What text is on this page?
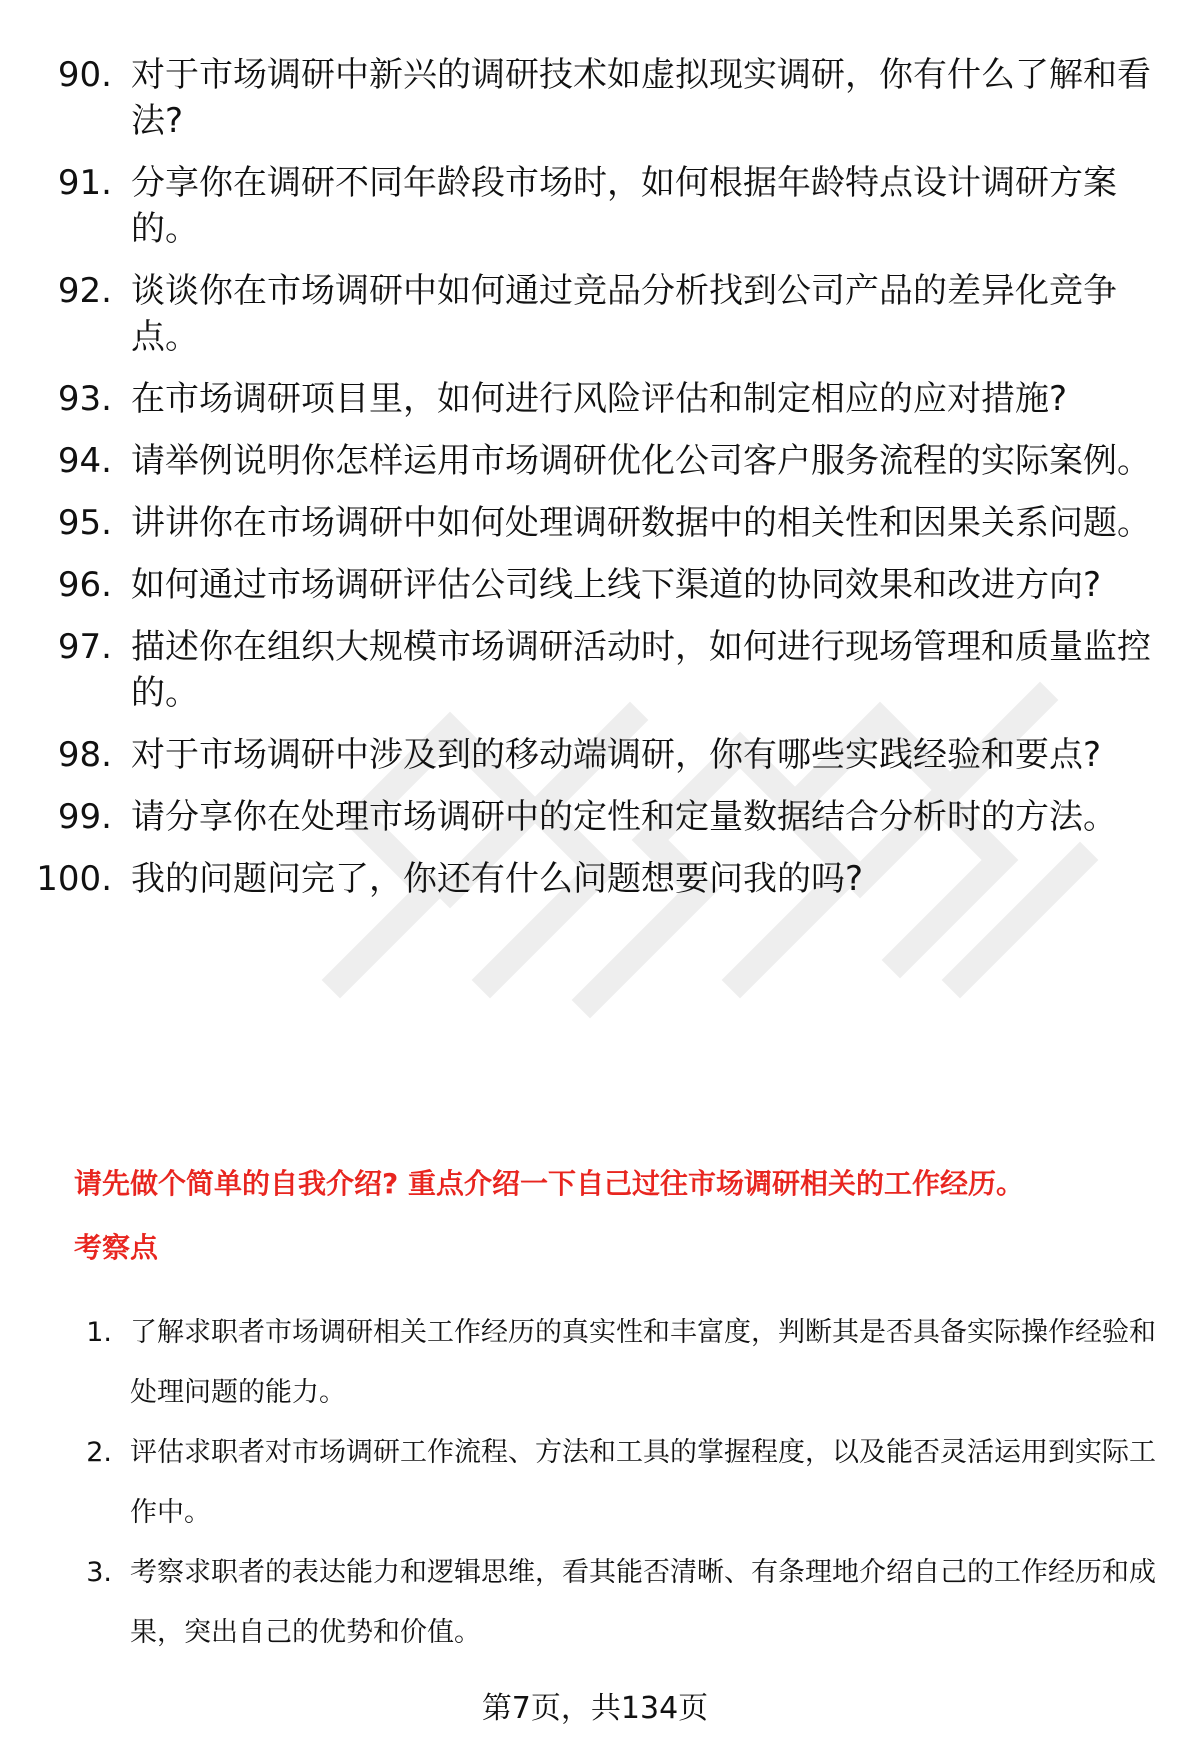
90. 对于市场调研中新兴的调研技术如虚拟现实调研，你有什么了解和看法?
91. 分享你在调研不同年龄段市场时，如何根据年龄特点设计调研方案的。
92. 谈谈你在市场调研中如何通过竞品分析找到公司产品的差异化竞争点。
93. 在市场调研项目里，如何进行风险评估和制定相应的应对措施?
94. 请举例说明你怎样运用市场调研优化公司客户服务流程的实际案例。
95. 讲讲你在市场调研中如何处理调研数据中的相关性和因果关系问题。
96. 如何通过市场调研评估公司线上线下渠道的协同效果和改进方向?
97. 描述你在组织大规模市场调研活动时，如何进行现场管理和质量监控的。
98. 对于市场调研中涉及到的移动端调研，你有哪些实践经验和要点?
99. 请分享你在处理市场调研中的定性和定量数据结合分析时的方法。
100. 我的问题问完了，你还有什么问题想要问我的吗?
请先做个简单的自我介绍? 重点介绍一下自己过往市场调研相关的工作经历。
考察点
1. 了解求职者市场调研相关工作经历的真实性和丰富度，判断其是否具备实际操作经验和处理问题的能力。
2. 评估求职者对市场调研工作流程、方法和工具的掌握程度，以及能否灵活运用到实际工作中。
3. 考察求职者的表达能力和逻辑思维，看其能否清晰、有条理地介绍自己的工作经历和成果，突出自己的优势和价值。
第7页，共134页
